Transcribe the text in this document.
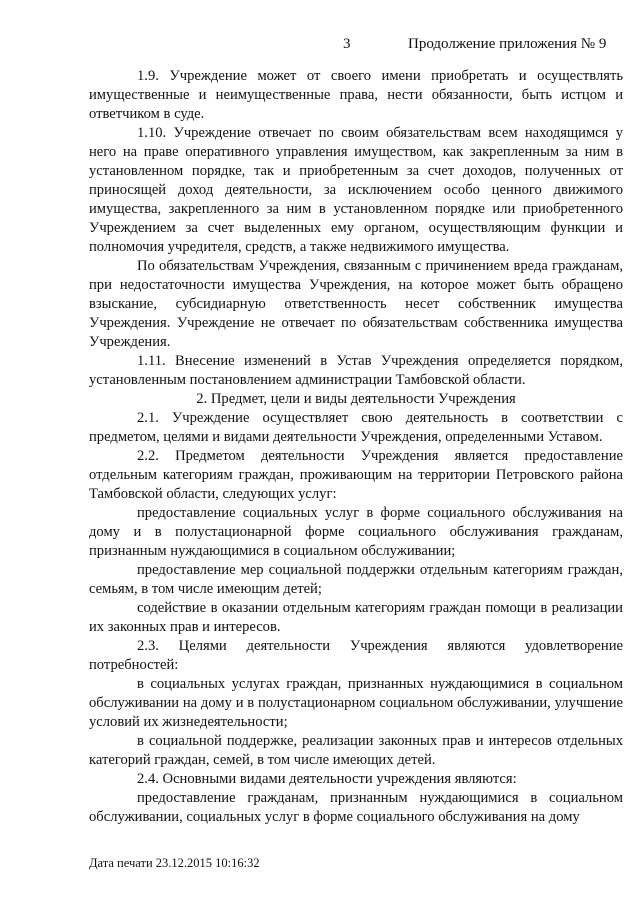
3	Продолжение приложения № 9

1.9. Учреждение может от своего имени приобретать и осуществлять имущественные и неимущественные права, нести обязанности, быть истцом и ответчиком в суде.

1.10. Учреждение отвечает по своим обязательствам всем находящимся у него на праве оперативного управления имуществом, как закрепленным за ним в установленном порядке, так и приобретенным за счет доходов, полученных от приносящей доход деятельности, за исключением особо ценного движимого имущества, закрепленного за ним в установленном порядке или приобретенного Учреждением за счет выделенных ему органом, осуществляющим функции и полномочия учредителя, средств, а также недвижимого имущества.

По обязательствам Учреждения, связанным с причинением вреда гражданам, при недостаточности имущества Учреждения, на которое может быть обращено взыскание, субсидиарную ответственность несет собственник имущества Учреждения. Учреждение не отвечает по обязательствам собственника имущества Учреждения.

1.11. Внесение изменений в Устав Учреждения определяется порядком, установленным постановлением администрации Тамбовской области.

2. Предмет, цели и виды деятельности Учреждения

2.1. Учреждение осуществляет свою деятельность в соответствии с предметом, целями и видами деятельности Учреждения, определенными Уставом.

2.2. Предметом деятельности Учреждения является предоставление отдельным категориям граждан, проживающим на территории Петровского района Тамбовской области, следующих услуг:

предоставление социальных услуг в форме социального обслуживания на дому и в полустационарной форме социального обслуживания гражданам, признанным нуждающимися в социальном обслуживании;

предоставление мер социальной поддержки отдельным категориям граждан, семьям, в том числе имеющим детей;

содействие в оказании отдельным категориям граждан помощи в реализации их законных прав и интересов.

2.3. Целями деятельности Учреждения являются удовлетворение потребностей:

в социальных услугах граждан, признанных нуждающимися в социальном обслуживании на дому и в полустационарном социальном обслуживании, улучшение условий их жизнедеятельности;

в социальной поддержке, реализации законных прав и интересов отдельных категорий граждан, семей, в том числе имеющих детей.

2.4. Основными видами деятельности учреждения являются:

предоставление гражданам, признанным нуждающимися в социальном обслуживании, социальных услуг в форме социального обслуживания на дому

Дата печати 23.12.2015 10:16:32
